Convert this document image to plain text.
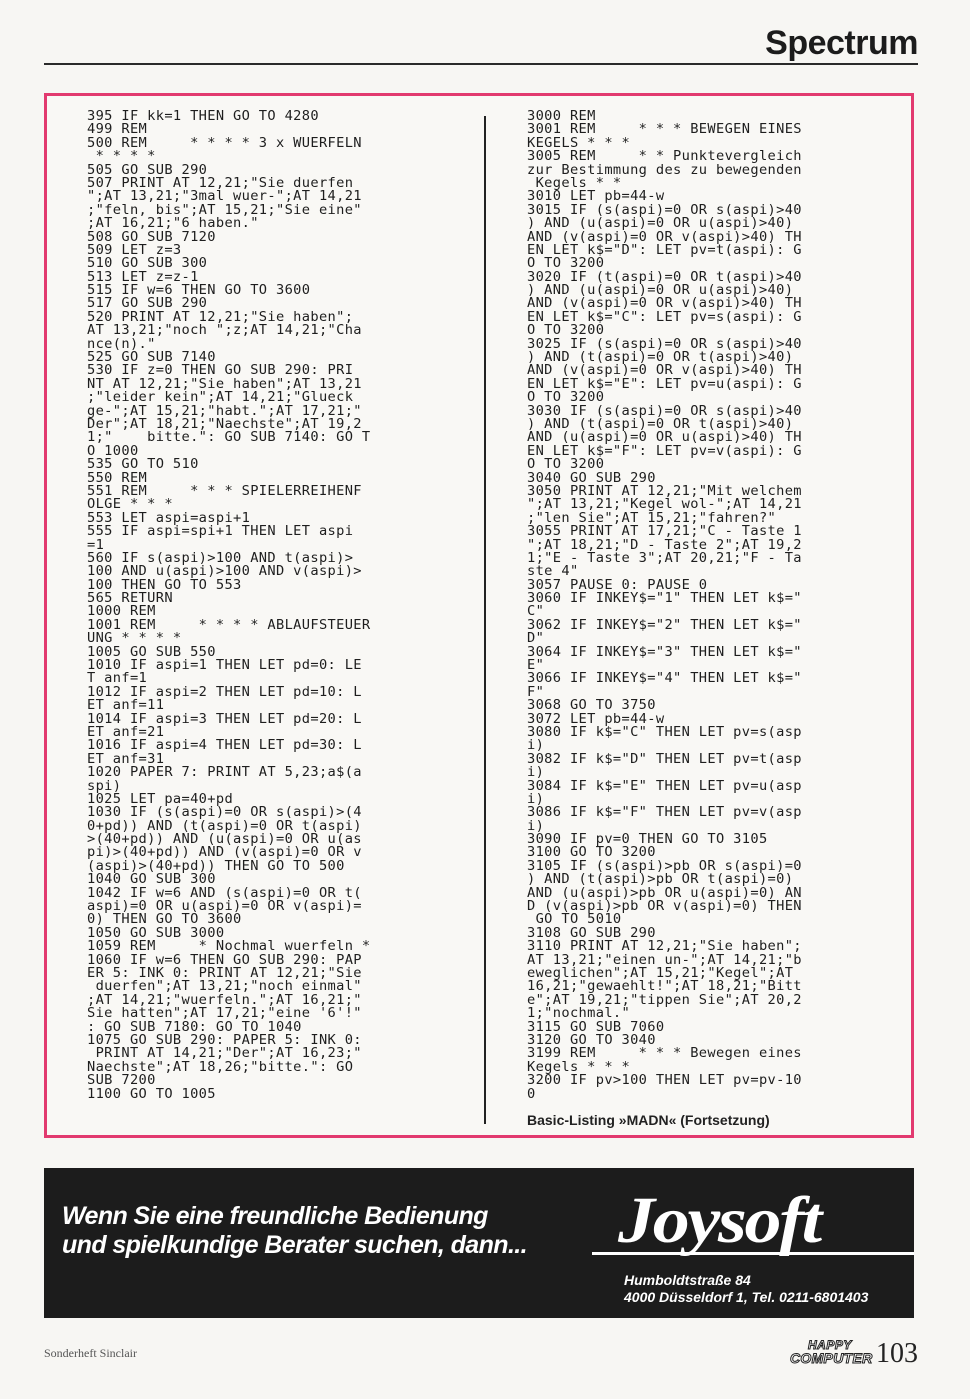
Spectrum
395 IF kk=1 THEN GO TO 4280
499 REM
500 REM     * * * * 3 x WUERFELN
* * * *
505 GO SUB 290
507 PRINT AT 12,21;"Sie duerfen
";AT 13,21;"3mal wuer-";AT 14,21
;"feln, bis";AT 15,21;"Sie eine"
;AT 16,21;"6 haben."
508 GO SUB 7120
509 LET z=3
510 GO SUB 300
513 LET z=z-1
515 IF w=6 THEN GO TO 3600
517 GO SUB 290
520 PRINT AT 12,21;"Sie haben";
AT 13,21;"noch ";z;AT 14,21;"Cha
nce(n)."
525 GO SUB 7140
530 IF z=0 THEN GO SUB 290: PRI
NT AT 12,21;"Sie haben";AT 13,21
;"leider kein";AT 14,21;"Glueck
ge-";AT 15,21;"habt.";AT 17,21;"
Der";AT 18,21;"Naechste";AT 19,2
1;"    bitte.": GO SUB 7140: GO T
O 1000
535 GO TO 510
550 REM
551 REM     * * * SPIELERREIHENF
OLGE * * *
553 LET aspi=aspi+1
555 IF aspi=spi+1 THEN LET aspi
=1
560 IF s(aspi)>100 AND t(aspi)>
100 AND u(aspi)>100 AND v(aspi)>
100 THEN GO TO 553
565 RETURN
1000 REM
1001 REM     * * * * ABLAUFSTEUER
UNG * * * *
1005 GO SUB 550
1010 IF aspi=1 THEN LET pd=0: LE
T anf=1
1012 IF aspi=2 THEN LET pd=10: L
ET anf=11
1014 IF aspi=3 THEN LET pd=20: L
ET anf=21
1016 IF aspi=4 THEN LET pd=30: L
ET anf=31
1020 PAPER 7: PRINT AT 5,23;a$(a
spi)
1025 LET pa=40+pd
1030 IF (s(aspi)=0 OR s(aspi)>(4
0+pd)) AND (t(aspi)=0 OR t(aspi)
>(40+pd)) AND (u(aspi)=0 OR u(as
pi)>(40+pd)) AND (v(aspi)=0 OR v
(aspi)>(40+pd)) THEN GO TO 500
1040 GO SUB 300
1042 IF w=6 AND (s(aspi)=0 OR t(
aspi)=0 OR u(aspi)=0 OR v(aspi)=
0) THEN GO TO 3600
1050 GO SUB 3000
1059 REM     * Nochmal wuerfeln *
1060 IF w=6 THEN GO SUB 290: PAP
ER 5: INK 0: PRINT AT 12,21;"Sie
duerfen";AT 13,21;"noch einmal"
;AT 14,21;"wuerfeln.";AT 16,21;"
Sie hatten";AT 17,21;"eine '6'!"
: GO SUB 7180: GO TO 1040
1075 GO SUB 290: PAPER 5: INK 0:
PRINT AT 14,21;"Der";AT 16,23;"
Naechste";AT 18,26;"bitte.": GO
SUB 7200
1100 GO TO 1005
3000 REM
3001 REM     * * * BEWEGEN EINES
KEGELS * * *
3005 REM     * * Punktevergleich
zur Bestimmung des zu bewegenden
Kegels * *
3010 LET pb=44-w
3015 IF (s(aspi)=0 OR s(aspi)>40
) AND (u(aspi)=0 OR u(aspi)>40)
AND (v(aspi)=0 OR v(aspi)>40) TH
EN LET k$="D": LET pv=t(aspi): G
O TO 3200
3020 IF (t(aspi)=0 OR t(aspi)>40
) AND (u(aspi)=0 OR u(aspi)>40)
AND (v(aspi)=0 OR v(aspi)>40) TH
EN LET k$="C": LET pv=s(aspi): G
O TO 3200
3025 IF (s(aspi)=0 OR s(aspi)>40
) AND (t(aspi)=0 OR t(aspi)>40)
AND (v(aspi)=0 OR v(aspi)>40) TH
EN LET k$="E": LET pv=u(aspi): G
O TO 3200
3030 IF (s(aspi)=0 OR s(aspi)>40
) AND (t(aspi)=0 OR t(aspi)>40)
AND (u(aspi)=0 OR u(aspi)>40) TH
EN LET k$="F": LET pv=v(aspi): G
O TO 3200
3040 GO SUB 290
3050 PRINT AT 12,21;"Mit welchem
";AT 13,21;"Kegel wol-";AT 14,21
;"len Sie";AT 15,21;"fahren?"
3055 PRINT AT 17,21;"C - Taste 1
";AT 18,21;"D - Taste 2";AT 19,2
1;"E - Taste 3";AT 20,21;"F - Ta
ste 4"
3057 PAUSE 0: PAUSE 0
3060 IF INKEY$="1" THEN LET k$="
C"
3062 IF INKEY$="2" THEN LET k$="
D"
3064 IF INKEY$="3" THEN LET k$="
E"
3066 IF INKEY$="4" THEN LET k$="
F"
3068 GO TO 3750
3072 LET pb=44-w
3080 IF k$="C" THEN LET pv=s(asp
i)
3082 IF k$="D" THEN LET pv=t(asp
i)
3084 IF k$="E" THEN LET pv=u(asp
i)
3086 IF k$="F" THEN LET pv=v(asp
i)
3090 IF pv=0 THEN GO TO 3105
3100 GO TO 3200
3105 IF (s(aspi)>pb OR s(aspi)=0
) AND (t(aspi)>pb OR t(aspi)=0)
AND (u(aspi)>pb OR u(aspi)=0) AN
D (v(aspi)>pb OR v(aspi)=0) THEN
GO TO 5010
3108 GO SUB 290
3110 PRINT AT 12,21;"Sie haben";
AT 13,21;"einen un-";AT 14,21;"b
eweglichen";AT 15,21;"Kegel";AT
16,21;"gewaehlt!";AT 18,21;"Bitt
e";AT 19,21;"tippen Sie";AT 20,2
1;"nochmal."
3115 GO SUB 7060
3120 GO TO 3040
3199 REM     * * * Bewegen eines
Kegels * * *
3200 IF pv>100 THEN LET pv=pv-10
0
Basic-Listing »MADN« (Fortsetzung)
Wenn Sie eine freundliche Bedienung
und spielkundige Berater suchen, dann... Joysoft
Humboldtstraße 84
4000 Düsseldorf 1, Tel. 0211-6801403
Sonderheft Sinclair
HAPPY
COMPUTER 103
